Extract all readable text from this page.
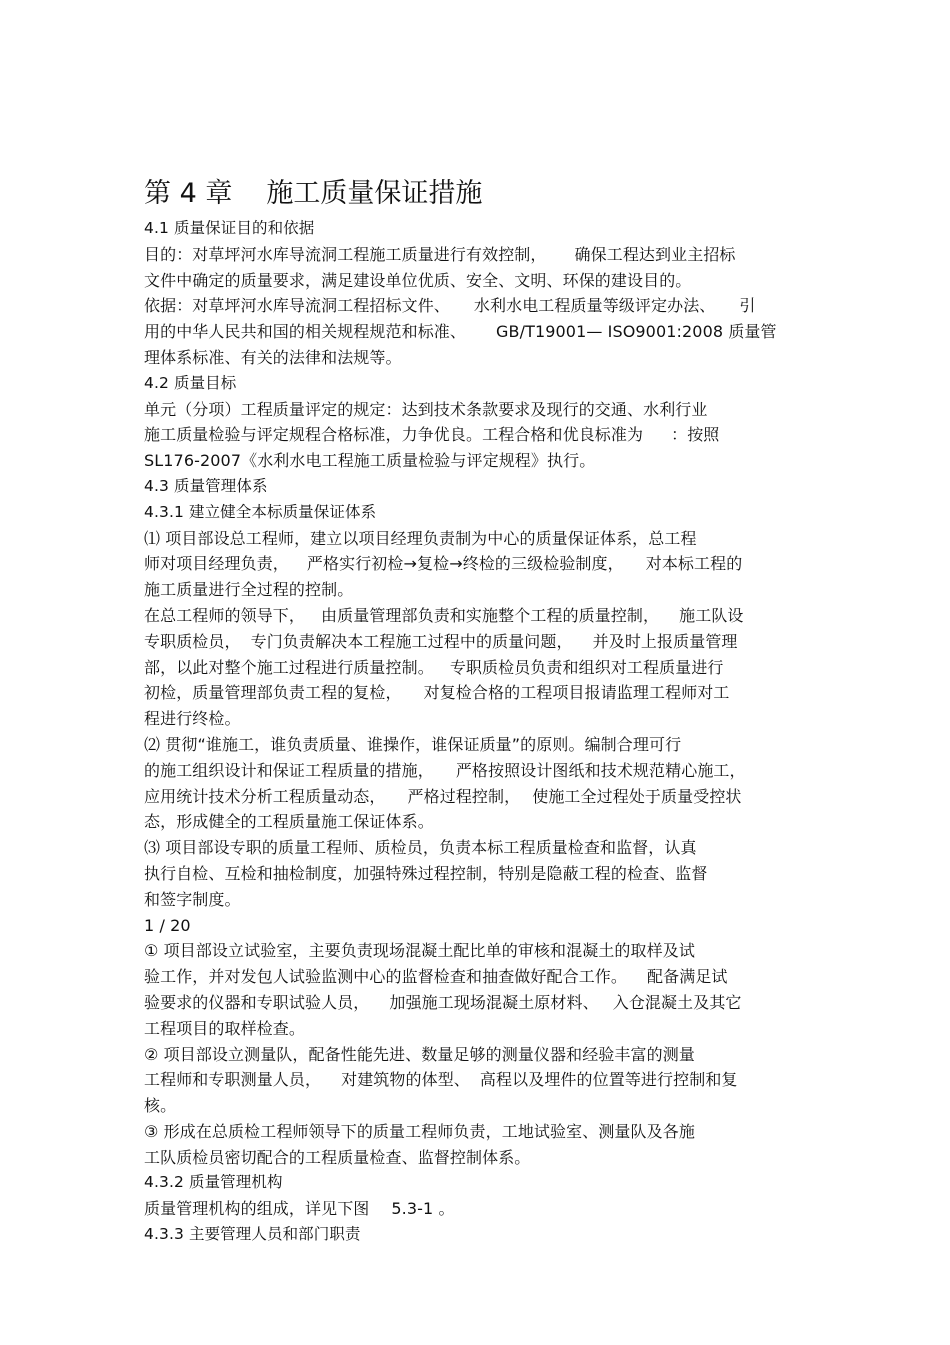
第 4 章 施工质量保证措施
4.1 质量保证目的和依据
目的：对草坪河水库导流洞工程施工质量进行有效控制， 确保工程达到业主招标
文件中确定的质量要求，满足建设单位优质、安全、文明、环保的建设目的。
依据：对草坪河水库导流洞工程招标文件、 水利水电工程质量等级评定办法、 引
用的中华人民共和国的相关规程规范和标准、 GB/T19001— ISO9001:2008 质量管
理体系标准、有关的法律和法规等。
4.2 质量目标
单元（分项）工程质量评定的规定：达到技术条款要求及现行的交通、水利行业
施工质量检验与评定规程合格标准，力争优良。工程合格和优良标准为 ：按照
SL176-2007《水利水电工程施工质量检验与评定规程》执行。
4.3 质量管理体系
4.3.1 建立健全本标质量保证体系
⑴ 项目部设总工程师，建立以项目经理负责制为中心的质量保证体系，总工程
师对项目经理负责， 严格实行初检→复检→终检的三级检验制度， 对本标工程的
施工质量进行全过程的控制。
在总工程师的领导下， 由质量管理部负责和实施整个工程的质量控制， 施工队设
专职质检员， 专门负责解决本工程施工过程中的质量问题， 并及时上报质量管理
部，以此对整个施工过程进行质量控制。 专职质检员负责和组织对工程质量进行
初检，质量管理部负责工程的复检， 对复检合格的工程项目报请监理工程师对工
程进行终检。
⑵ 贯彻“谁施工，谁负责质量、谁操作，谁保证质量”的原则。编制合理可行
的施工组织设计和保证工程质量的措施， 严格按照设计图纸和技术规范精心施工，
应用统计技术分析工程质量动态， 严格过程控制， 使施工全过程处于质量受控状
态，形成健全的工程质量施工保证体系。
⑶ 项目部设专职的质量工程师、质检员，负责本标工程质量检查和监督，认真
执行自检、互检和抽检制度，加强特殊过程控制，特别是隐蔽工程的检查、监督
和签字制度。
1 / 20
① 项目部设立试验室，主要负责现场混凝土配比单的审核和混凝土的取样及试
验工作，并对发包人试验监测中心的监督检查和抽查做好配合工作。 配备满足试
验要求的仪器和专职试验人员， 加强施工现场混凝土原材料、 入仓混凝土及其它
工程项目的取样检查。
② 项目部设立测量队，配备性能先进、数量足够的测量仪器和经验丰富的测量
工程师和专职测量人员， 对建筑物的体型、 高程以及埋件的位置等进行控制和复
核。
③ 形成在总质检工程师领导下的质量工程师负责，工地试验室、测量队及各施
工队质检员密切配合的工程质量检查、监督控制体系。
4.3.2 质量管理机构
质量管理机构的组成，详见下图 5.3-1 。
4.3.3 主要管理人员和部门职责
